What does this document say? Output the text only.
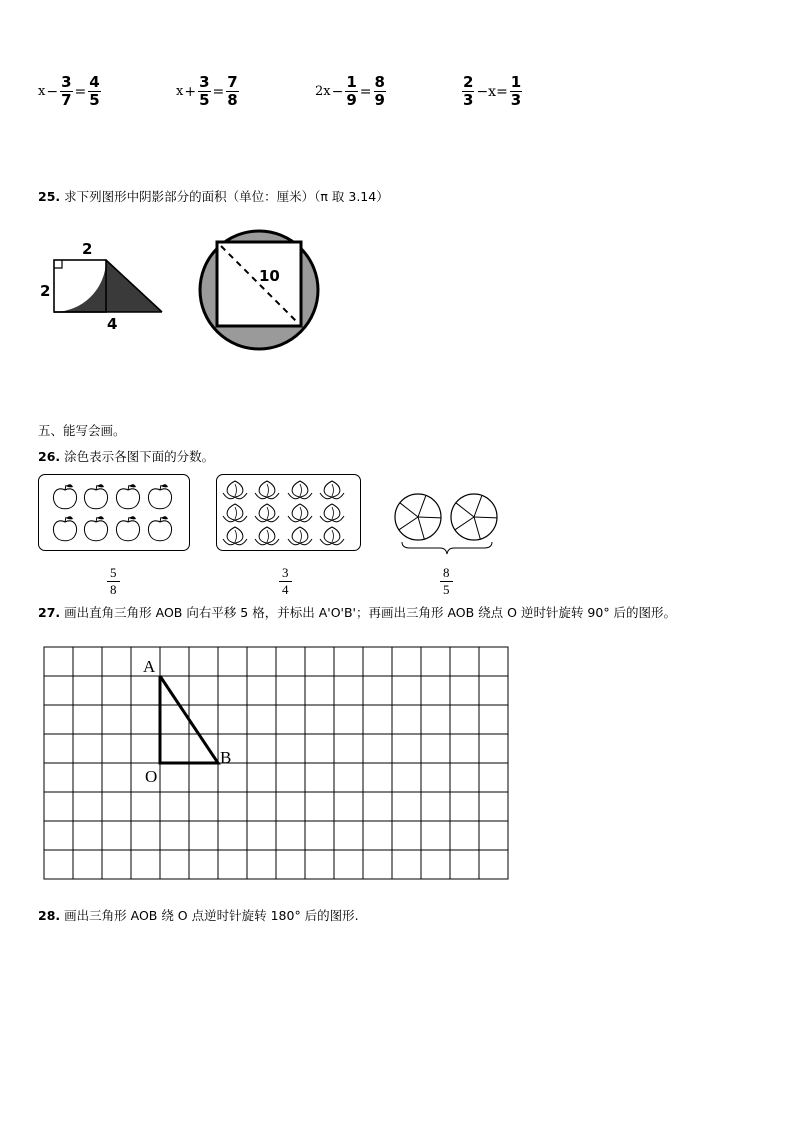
$x - \frac{3}{7} = \frac{4}{5}$	$x + \frac{3}{5} = \frac{7}{8}$	$2x - \frac{1}{9} = \frac{8}{9}$	$\frac{2}{3} -x= \frac{1}{3}$
25. 求下列图形中阴影部分的面积（单位：厘米）（π 取 3.14）
2
2
4
10
五、能写会画。
26. 涂色表示各图下面的分数。
5
8
3
4
8
5
27. 画出直角三角形 AOB 向右平移 5 格，并标出 A'O'B'；再画出三角形 AOB 绕点 O 逆时针旋转 90° 后的图形。
A
O
B
28. 画出三角形 AOB 绕 O 点逆时针旋转 180° 后的图形.
